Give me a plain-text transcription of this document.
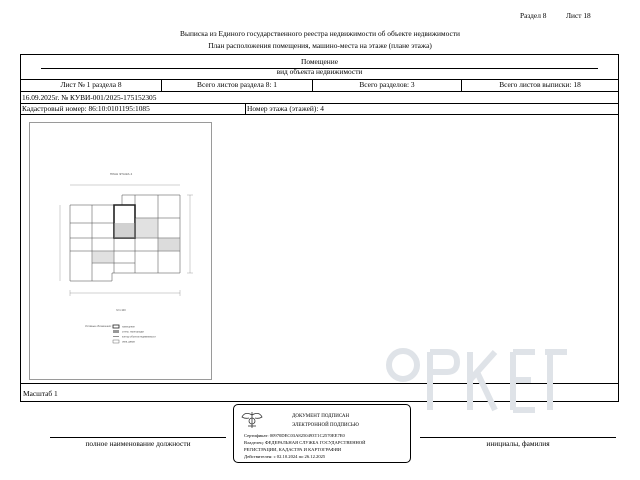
Раздел 8	Лист 18
Выписка из Единого государственного реестра недвижимости об объекте недвижимости
План расположения помещения, машино-места на этаже (плане этажа)
Помещение
вид объекта недвижимости
Лист № 1 раздела 8	Всего листов раздела 8: 1	Всего разделов: 3	Всего листов выписки: 18
16.09.2025г. № КУВИ-001/2025-175152305
Кадастровый номер: 86:10:0101195:1085	Номер этажа (этажей): 4
Масштаб 1
ПЛАН ЭТАЖА 4
М 1:100
Условные обозначения:	помещение
стены, перегородки
контур объекта недвижимости
окна, двери
полное наименование должности	инициалы, фамилия
ДОКУМЕНТ ПОДПИСАН
ЭЛЕКТРОННОЙ ПОДПИСЬЮ
Сертификат: 00970DEC03A8250493T1C2570EE7E0
Владелец: ФЕДЕРАЛЬНАЯ СЛУЖБА ГОСУДАРСТВЕННОЙ
РЕГИСТРАЦИИ, КАДАСТРА И КАРТОГРАФИИ
Действителен: с 02.10.2024 по 26.12.2025
